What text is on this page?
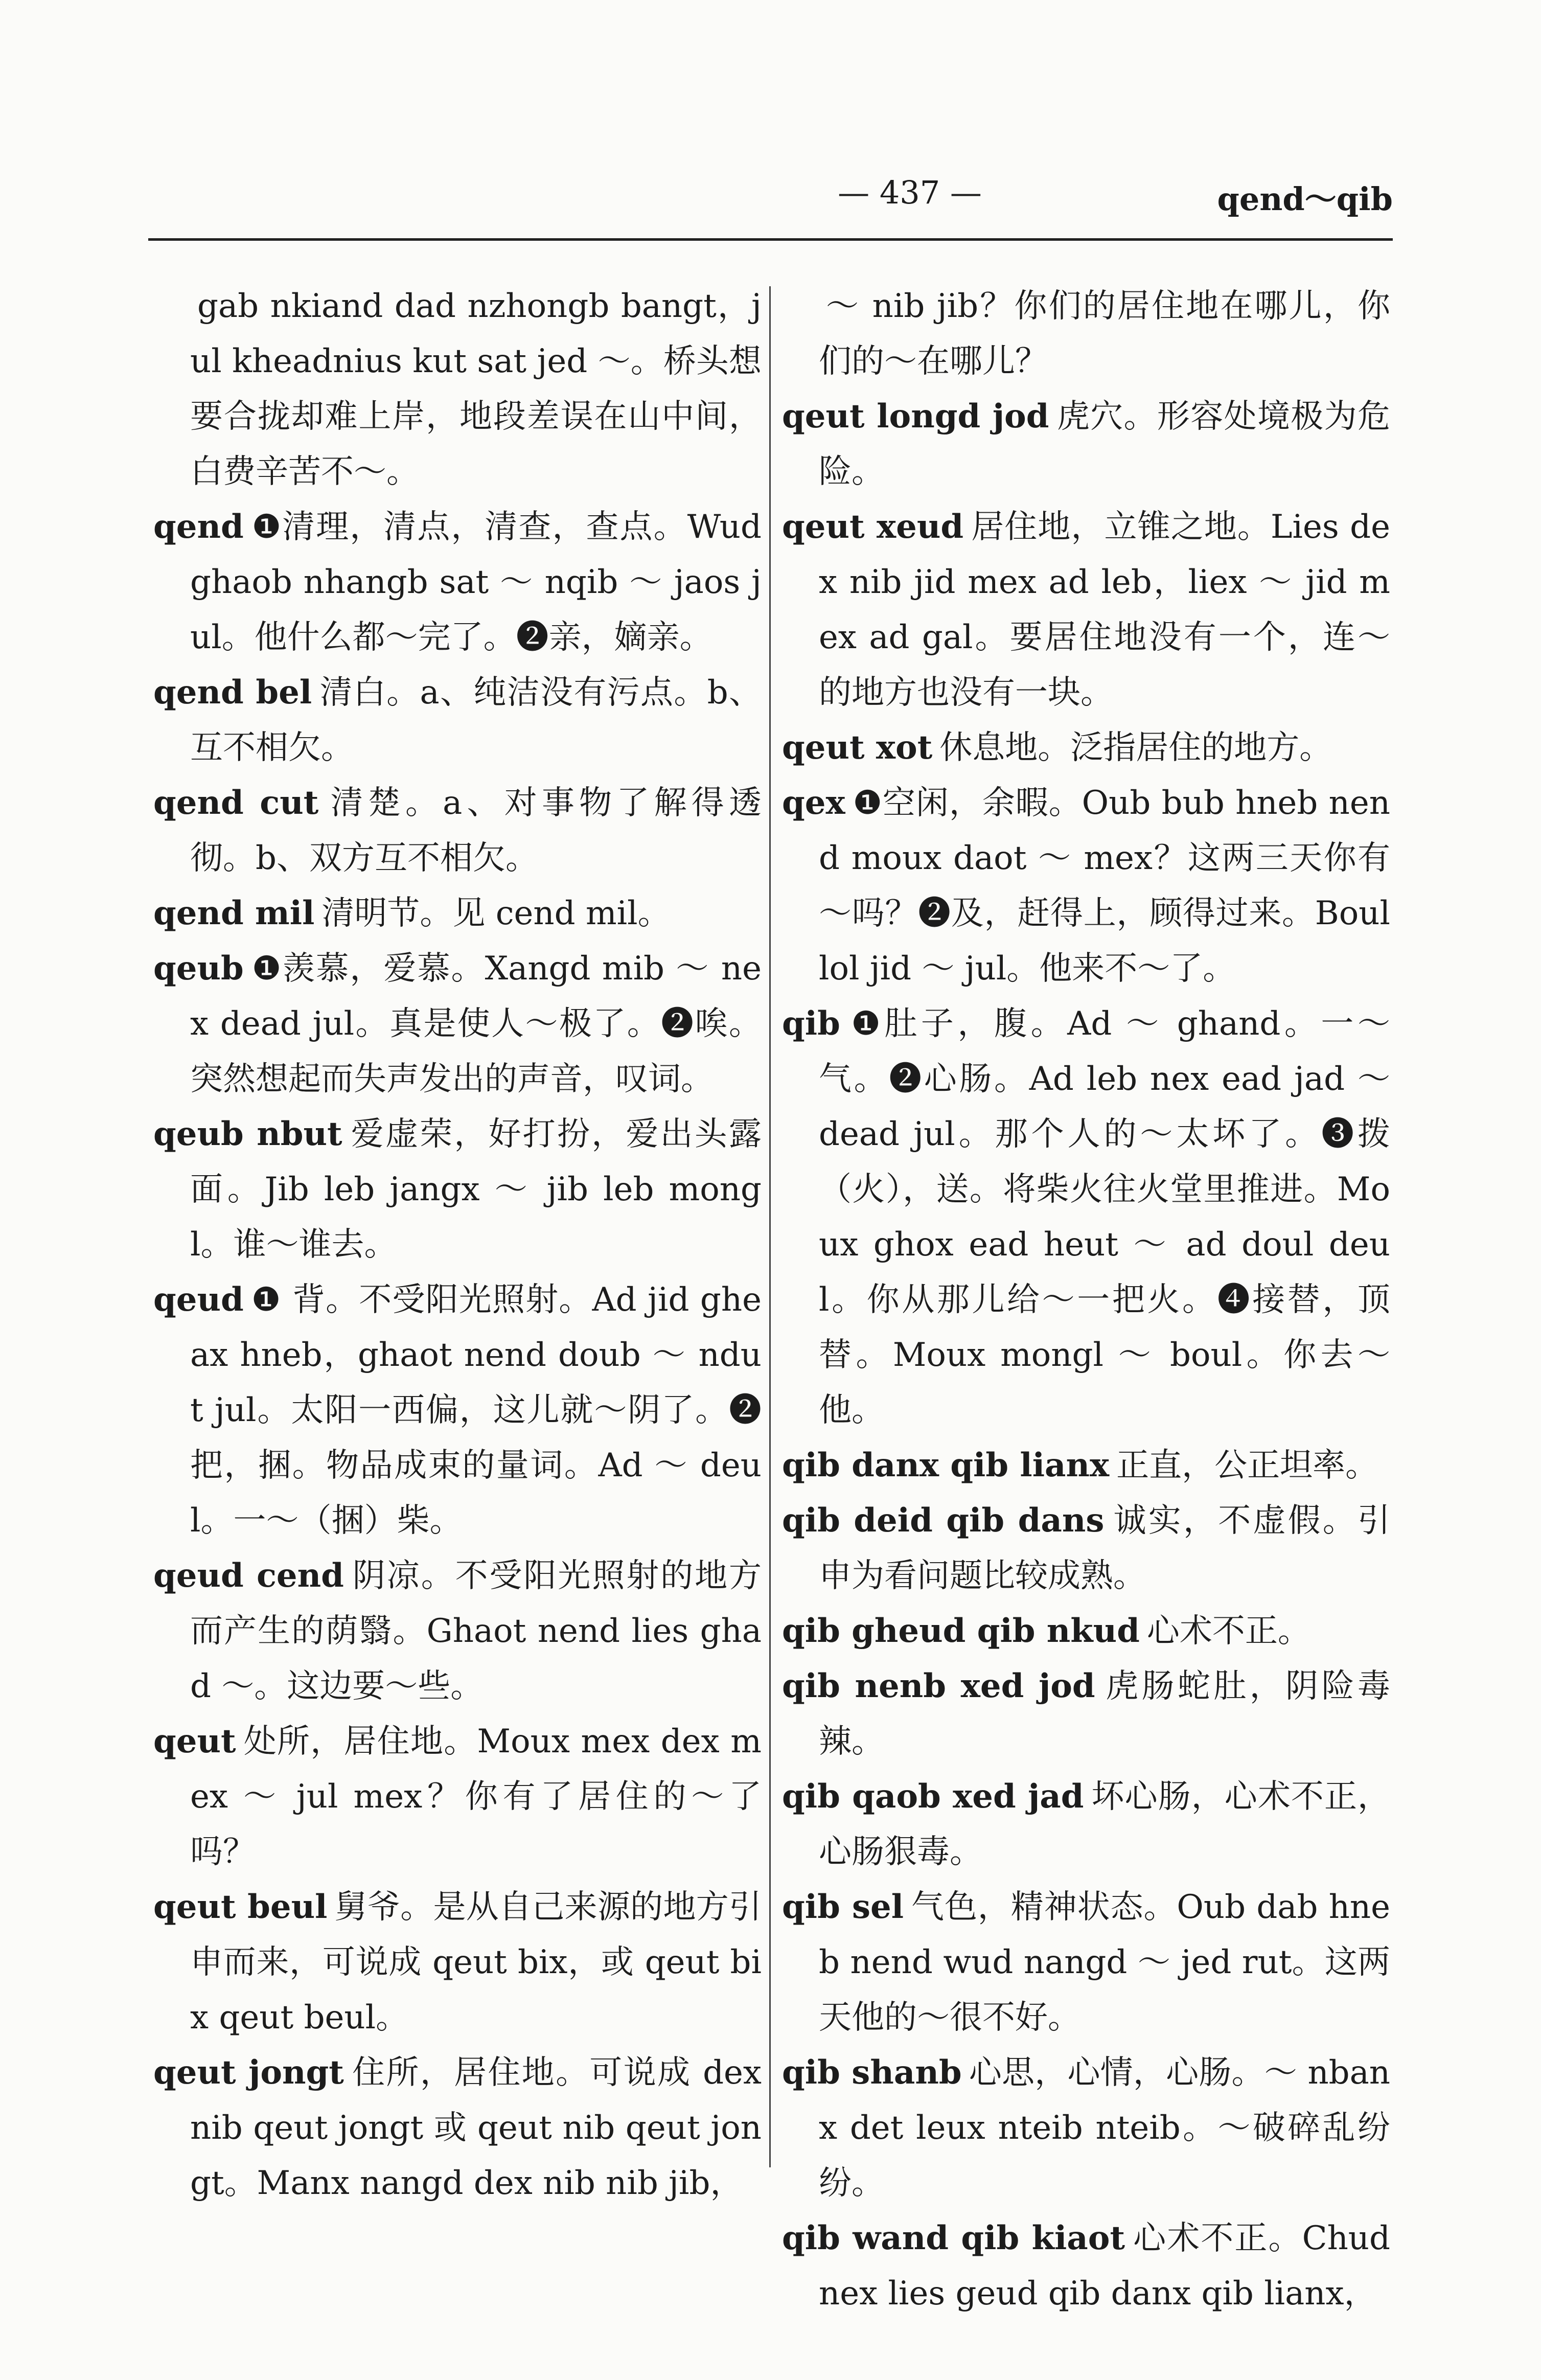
— 437 —	qend～qib

gab nkiand dad nzhongb bangt，jul kheadnius kut sat jed ～。桥头想要合拢却难上岸，地段差误在山中间，白费辛苦不～。

qend ❶清理，清点，清查，查点。Wud ghaob nhangb sat ～ nqib ～ jaos jul。他什么都～完了。❷亲，嫡亲。

qend bel 清白。a、纯洁没有污点。b、互不相欠。

qend cut 清楚。a、对事物了解得透彻。b、双方互不相欠。

qend mil 清明节。见 cend mil。

qeub ❶羡慕，爱慕。Xangd mib ～ nex dead jul。真是使人～极了。❷唉。突然想起而失声发出的声音，叹词。

qeub nbut 爱虚荣，好打扮，爱出头露面。Jib leb jangx ～ jib leb mongl。谁～谁去。

qeud ❶ 背。不受阳光照射。Ad jid gheax hneb，ghaot nend doub ～ ndut jul。太阳一西偏，这儿就～阴了。❷把，捆。物品成束的量词。Ad ～ deul。一～（捆）柴。

qeud cend 阴凉。不受阳光照射的地方而产生的荫翳。Ghaot nend lies ghad ～。这边要～些。

qeut 处所，居住地。Moux mex dex mex ～ jul mex？你有了居住的～了吗？

qeut beul 舅爷。是从自己来源的地方引申而来，可说成 qeut bix，或 qeut bix qeut beul。

qeut jongt 住所，居住地。可说成 dex nib qeut jongt 或 qeut nib qeut jongt。Manx nangd dex nib nib jib，

～ nib jib？你们的居住地在哪儿，你们的～在哪儿？

qeut longd jod 虎穴。形容处境极为危险。

qeut xeud 居住地，立锥之地。Lies dex nib jid mex ad leb，liex ～ jid mex ad gal。要居住地没有一个，连～的地方也没有一块。

qeut xot 休息地。泛指居住的地方。

qex ❶空闲，余暇。Oub bub hneb nend moux daot ～ mex？这两三天你有～吗？❷及，赶得上，顾得过来。Boul lol jid ～ jul。他来不～了。

qib ❶肚子，腹。Ad ～ ghand。一～气。❷心肠。Ad leb nex ead jad ～ dead jul。那个人的～太坏了。❸拨（火），送。将柴火往火堂里推进。Moux ghox ead heut ～ ad doul deul。你从那儿给～一把火。❹接替，顶替。Moux mongl ～ boul。你去～他。

qib danx qib lianx 正直，公正坦率。

qib deid qib dans 诚实，不虚假。引申为看问题比较成熟。

qib gheud qib nkud 心术不正。

qib nenb xed jod 虎肠蛇肚，阴险毒辣。

qib qaob xed jad 坏心肠，心术不正，心肠狠毒。

qib sel 气色，精神状态。Oub dab hneb nend wud nangd ～ jed rut。这两天他的～很不好。

qib shanb 心思，心情，心肠。～ nbanx det leux nteib nteib。～破碎乱纷纷。

qib wand qib kiaot 心术不正。Chud nex lies geud qib danx qib lianx，
